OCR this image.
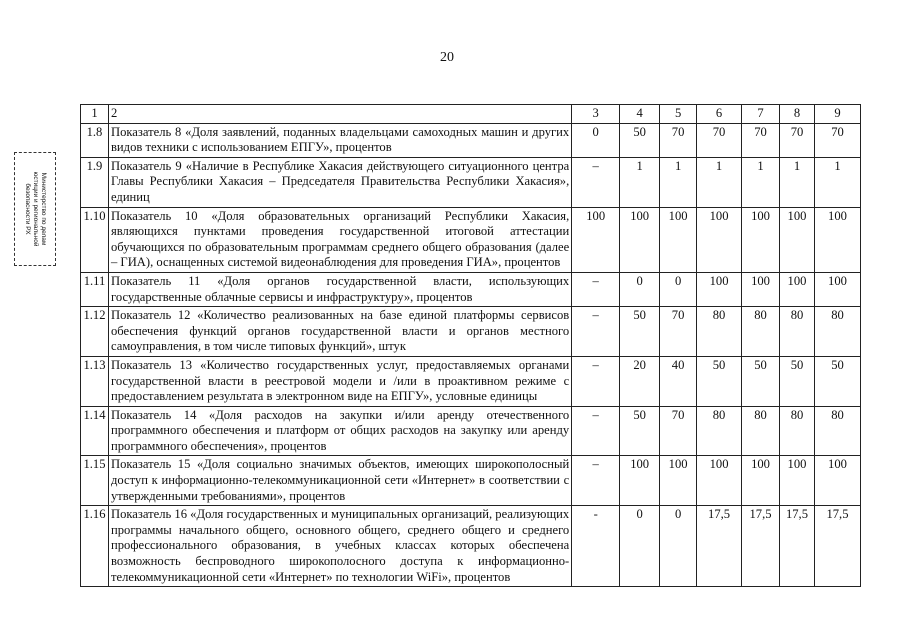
20
Министерство по делам
юстиции и региональной
безопасности РХ
1	2	3	4	5	6	7	8	9
1.8	Показатель 8 «Доля заявлений, поданных владельцами самоходных машин и других видов техники с использованием ЕПГУ», процентов	0	50	70	70	70	70	70
1.9	Показатель 9 «Наличие в Республике Хакасия действующего ситуационного центра Главы Республики Хакасия – Председателя Правительства Республики Хакасия», единиц	–	1	1	1	1	1	1
1.10	Показатель 10 «Доля образовательных организаций Республики Хакасия, являющихся пунктами проведения государственной итоговой аттестации обучающихся по образовательным программам среднего общего образования (далее – ГИА), оснащенных системой видеонаблюдения для проведения ГИА», процентов	100	100	100	100	100	100	100
1.11	Показатель 11 «Доля органов государственной власти, использующих государственные облачные сервисы и инфраструктуру», процентов	–	0	0	100	100	100	100
1.12	Показатель 12 «Количество реализованных на базе единой платформы сервисов обеспечения функций органов государственной власти и органов местного самоуправления, в том числе типовых функций», штук	–	50	70	80	80	80	80
1.13	Показатель 13 «Количество государственных услуг, предоставляемых органами государственной власти в реестровой модели и /или в проактивном режиме с предоставлением результата в электронном виде на ЕПГУ», условные единицы	–	20	40	50	50	50	50
1.14	Показатель 14 «Доля расходов на закупки и/или аренду отечественного программного обеспечения и платформ от общих расходов на закупку или аренду программного обеспечения», процентов	–	50	70	80	80	80	80
1.15	Показатель 15 «Доля социально значимых объектов, имеющих широкополосный доступ к информационно-телекоммуникационной сети «Интернет» в соответствии с утвержденными требованиями», процентов	–	100	100	100	100	100	100
1.16	Показатель 16 «Доля государственных и муниципальных организаций, реализующих программы начального общего, основного общего, среднего общего и среднего профессионального образования, в учебных классах которых обеспечена возможность беспроводного широкополосного доступа к информационно- телекоммуникационной сети «Интернет» по технологии WiFi», процентов	-	0	0	17,5	17,5	17,5	17,5
